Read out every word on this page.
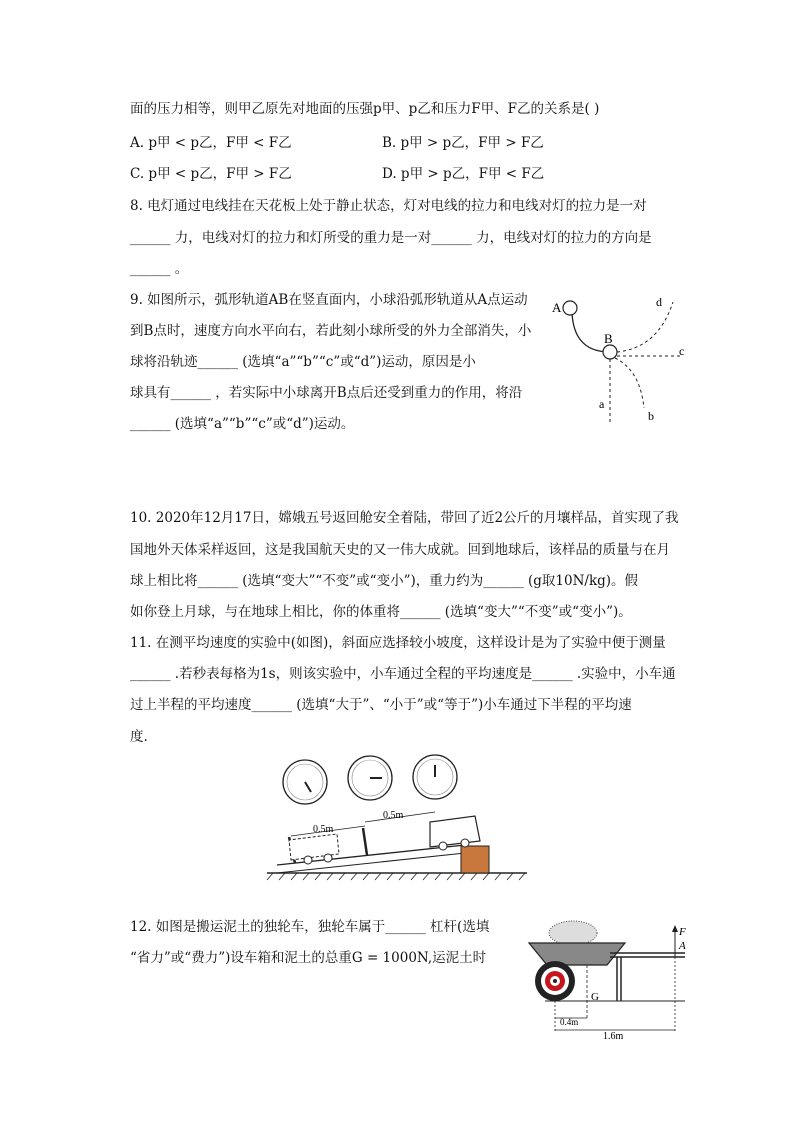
面的压力相等，则甲乙原先对地面的压强p甲、p乙和压力F甲、F乙的关系是( )
A. p甲 < p乙，F甲 < F乙	B. p甲 > p乙，F甲 > F乙
C. p甲 < p乙，F甲 > F乙	D. p甲 > p乙，F甲 < F乙
8. 电灯通过电线挂在天花板上处于静止状态，灯对电线的拉力和电线对灯的拉力是一对
______ 力，电线对灯的拉力和灯所受的重力是一对______ 力，电线对灯的拉力的方向是
______ 。
9. 如图所示，弧形轨道AB在竖直面内，小球沿弧形轨道从A点运动
到B点时，速度方向水平向右，若此刻小球所受的外力全部消失，小
球将沿轨迹______ (选填“a”“b”“c”或“d”)运动，原因是小
球具有______ ，若实际中小球离开B点后还受到重力的作用，将沿
______ (选填“a”“b”“c”或“d”)运动。
A
B
d
c
a
b
10. 2020年12月17日，嫦娥五号返回舱安全着陆，带回了近2公斤的月壤样品，首实现了我
国地外天体采样返回，这是我国航天史的又一伟大成就。回到地球后，该样品的质量与在月
球上相比将______ (选填“变大”“不变”或“变小”)，重力约为______ (g取10N/kg)。假
如你登上月球，与在地球上相比，你的体重将______ (选填“变大”“不变”或“变小”)。
11. 在测平均速度的实验中(如图)，斜面应选择较小坡度，这样设计是为了实验中便于测量
______ .若秒表每格为1s，则该实验中，小车通过全程的平均速度是______ .实验中，小车通
过上半程的平均速度______ (选填“大于”、“小于”或“等于”)小车通过下半程的平均速
度.
0.5m
0.5m
12. 如图是搬运泥土的独轮车，独轮车属于______ 杠杆(选填
“省力”或“费力”)设车箱和泥土的总重G = 1000N,运泥土时
F
A
G
0.4m
1.6m
